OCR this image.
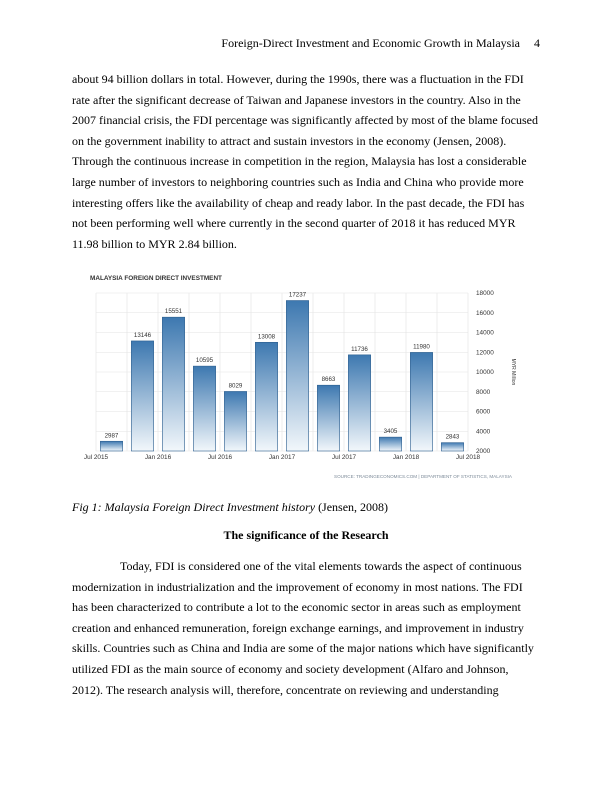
Foreign-Direct Investment and Economic Growth in Malaysia 4

about 94 billion dollars in total. However, during the 1990s, there was a fluctuation in the FDI rate after the significant decrease of Taiwan and Japanese investors in the country. Also in the 2007 financial crisis, the FDI percentage was significantly affected by most of the blame focused on the government inability to attract and sustain investors in the economy (Jensen, 2008). Through the continuous increase in competition in the region, Malaysia has lost a considerable large number of investors to neighboring countries such as India and China who provide more interesting offers like the availability of cheap and ready labor. In the past decade, the FDI has not been performing well where currently in the second quarter of 2018 it has reduced MYR 11.98 billion to MYR 2.84 billion.

MALAYSIA FOREIGN DIRECT INVESTMENT
2000
4000
6000
8000
10000
12000
14000
16000
18000
2987
13146
15551
10595
8029
13008
17237
8663
11736
3405
11980
2843
Jul 2015	Jan 2016	Jul 2016	Jan 2017	Jul 2017	Jan 2018	Jul 2018
MYR Million
SOURCE: TRADINGECONOMICS.COM | DEPARTMENT OF STATISTICS, MALAYSIA
Fig 1: Malaysia Foreign Direct Investment history (Jensen, 2008)

The significance of the Research

Today, FDI is considered one of the vital elements towards the aspect of continuous modernization in industrialization and the improvement of economy in most nations. The FDI has been characterized to contribute a lot to the economic sector in areas such as employment creation and enhanced remuneration, foreign exchange earnings, and improvement in industry skills. Countries such as China and India are some of the major nations which have significantly utilized FDI as the main source of economy and society development (Alfaro and Johnson, 2012). The research analysis will, therefore, concentrate on reviewing and understanding
